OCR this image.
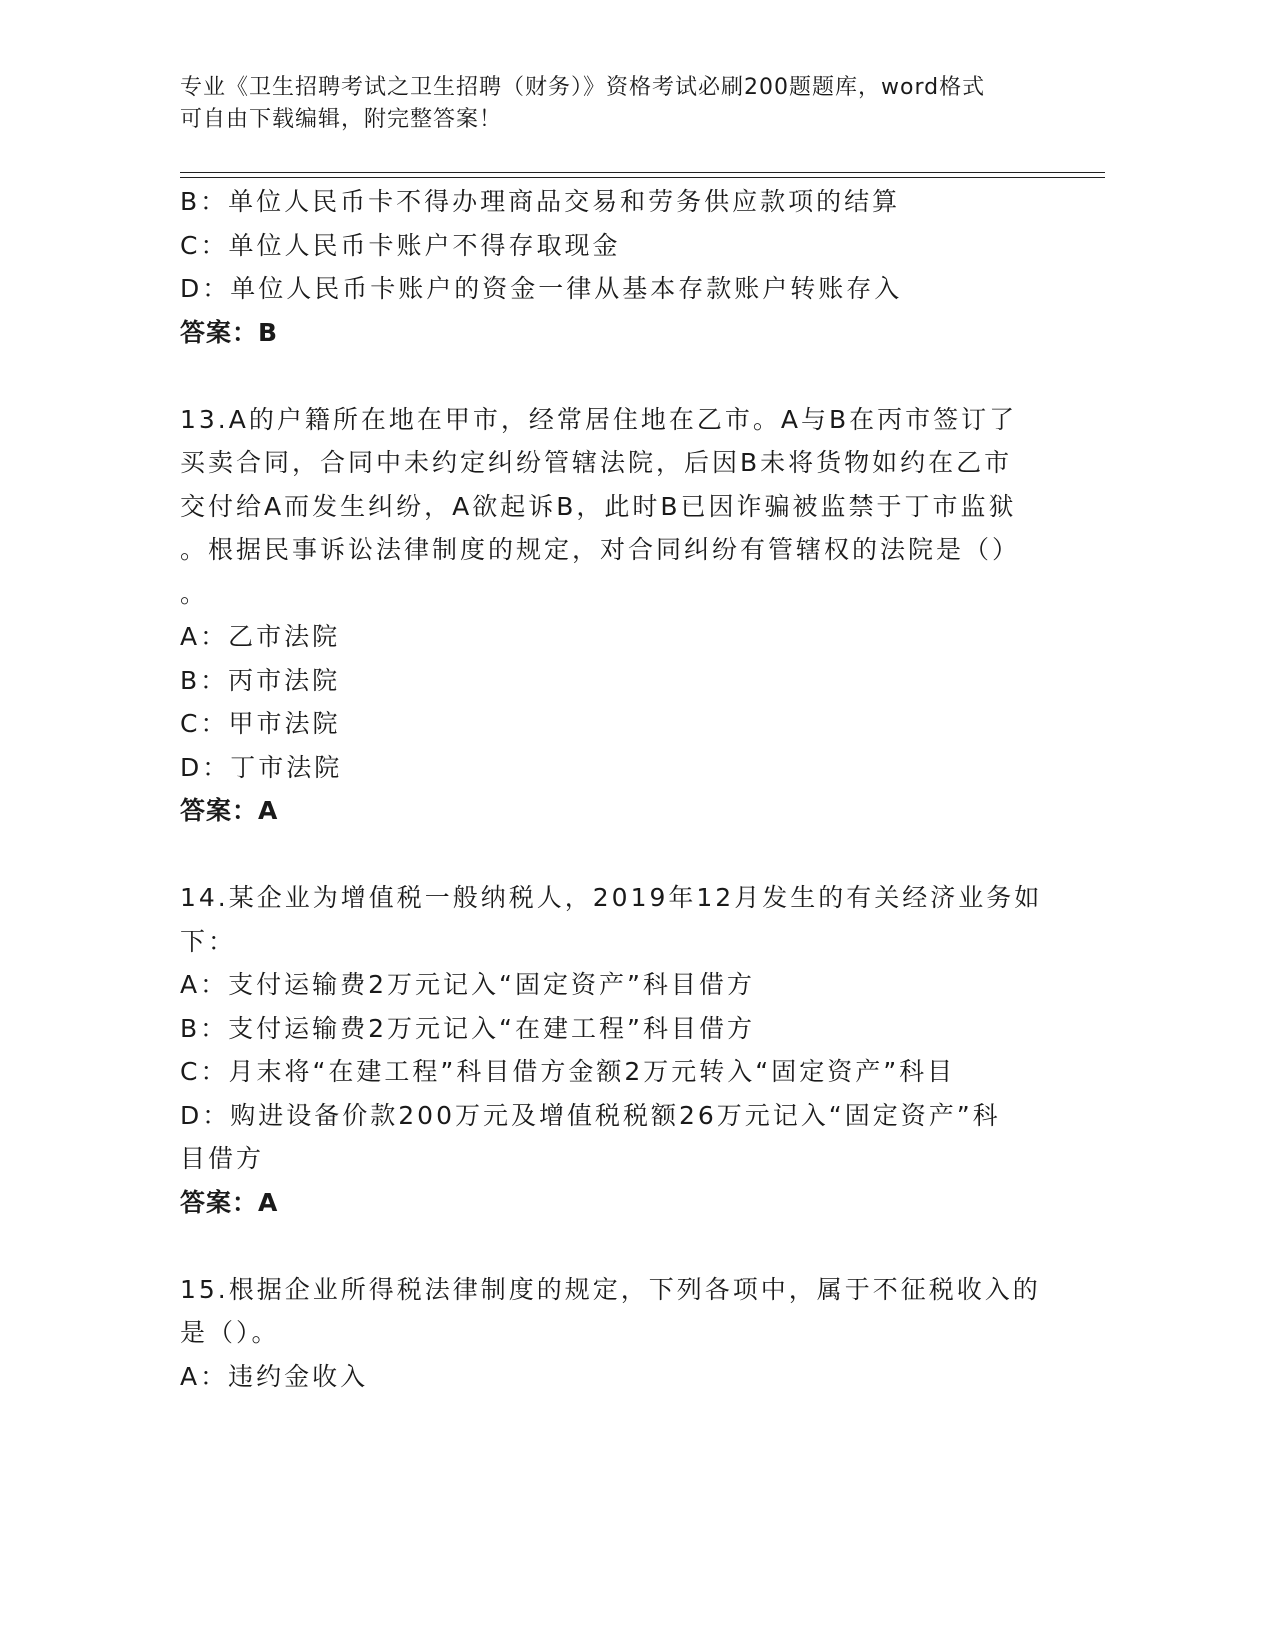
专业《卫生招聘考试之卫生招聘（财务）》资格考试必刷200题题库，word格式
可自由下载编辑，附完整答案！
B：单位人民币卡不得办理商品交易和劳务供应款项的结算
C：单位人民币卡账户不得存取现金
D：单位人民币卡账户的资金一律从基本存款账户转账存入
答案：B
13.A的户籍所在地在甲市，经常居住地在乙市。A与B在丙市签订了
买卖合同，合同中未约定纠纷管辖法院，后因B未将货物如约在乙市
交付给A而发生纠纷，A欲起诉B，此时B已因诈骗被监禁于丁市监狱
。根据民事诉讼法律制度的规定，对合同纠纷有管辖权的法院是（）
。
A：乙市法院
B：丙市法院
C：甲市法院
D：丁市法院
答案：A
14.某企业为增值税一般纳税人，2019年12月发生的有关经济业务如
下：
A：支付运输费2万元记入“固定资产”科目借方
B：支付运输费2万元记入“在建工程”科目借方
C：月末将“在建工程”科目借方金额2万元转入“固定资产”科目
D：购进设备价款200万元及增值税税额26万元记入“固定资产”科
目借方
答案：A
15.根据企业所得税法律制度的规定，下列各项中，属于不征税收入的
是（）。
A：违约金收入
